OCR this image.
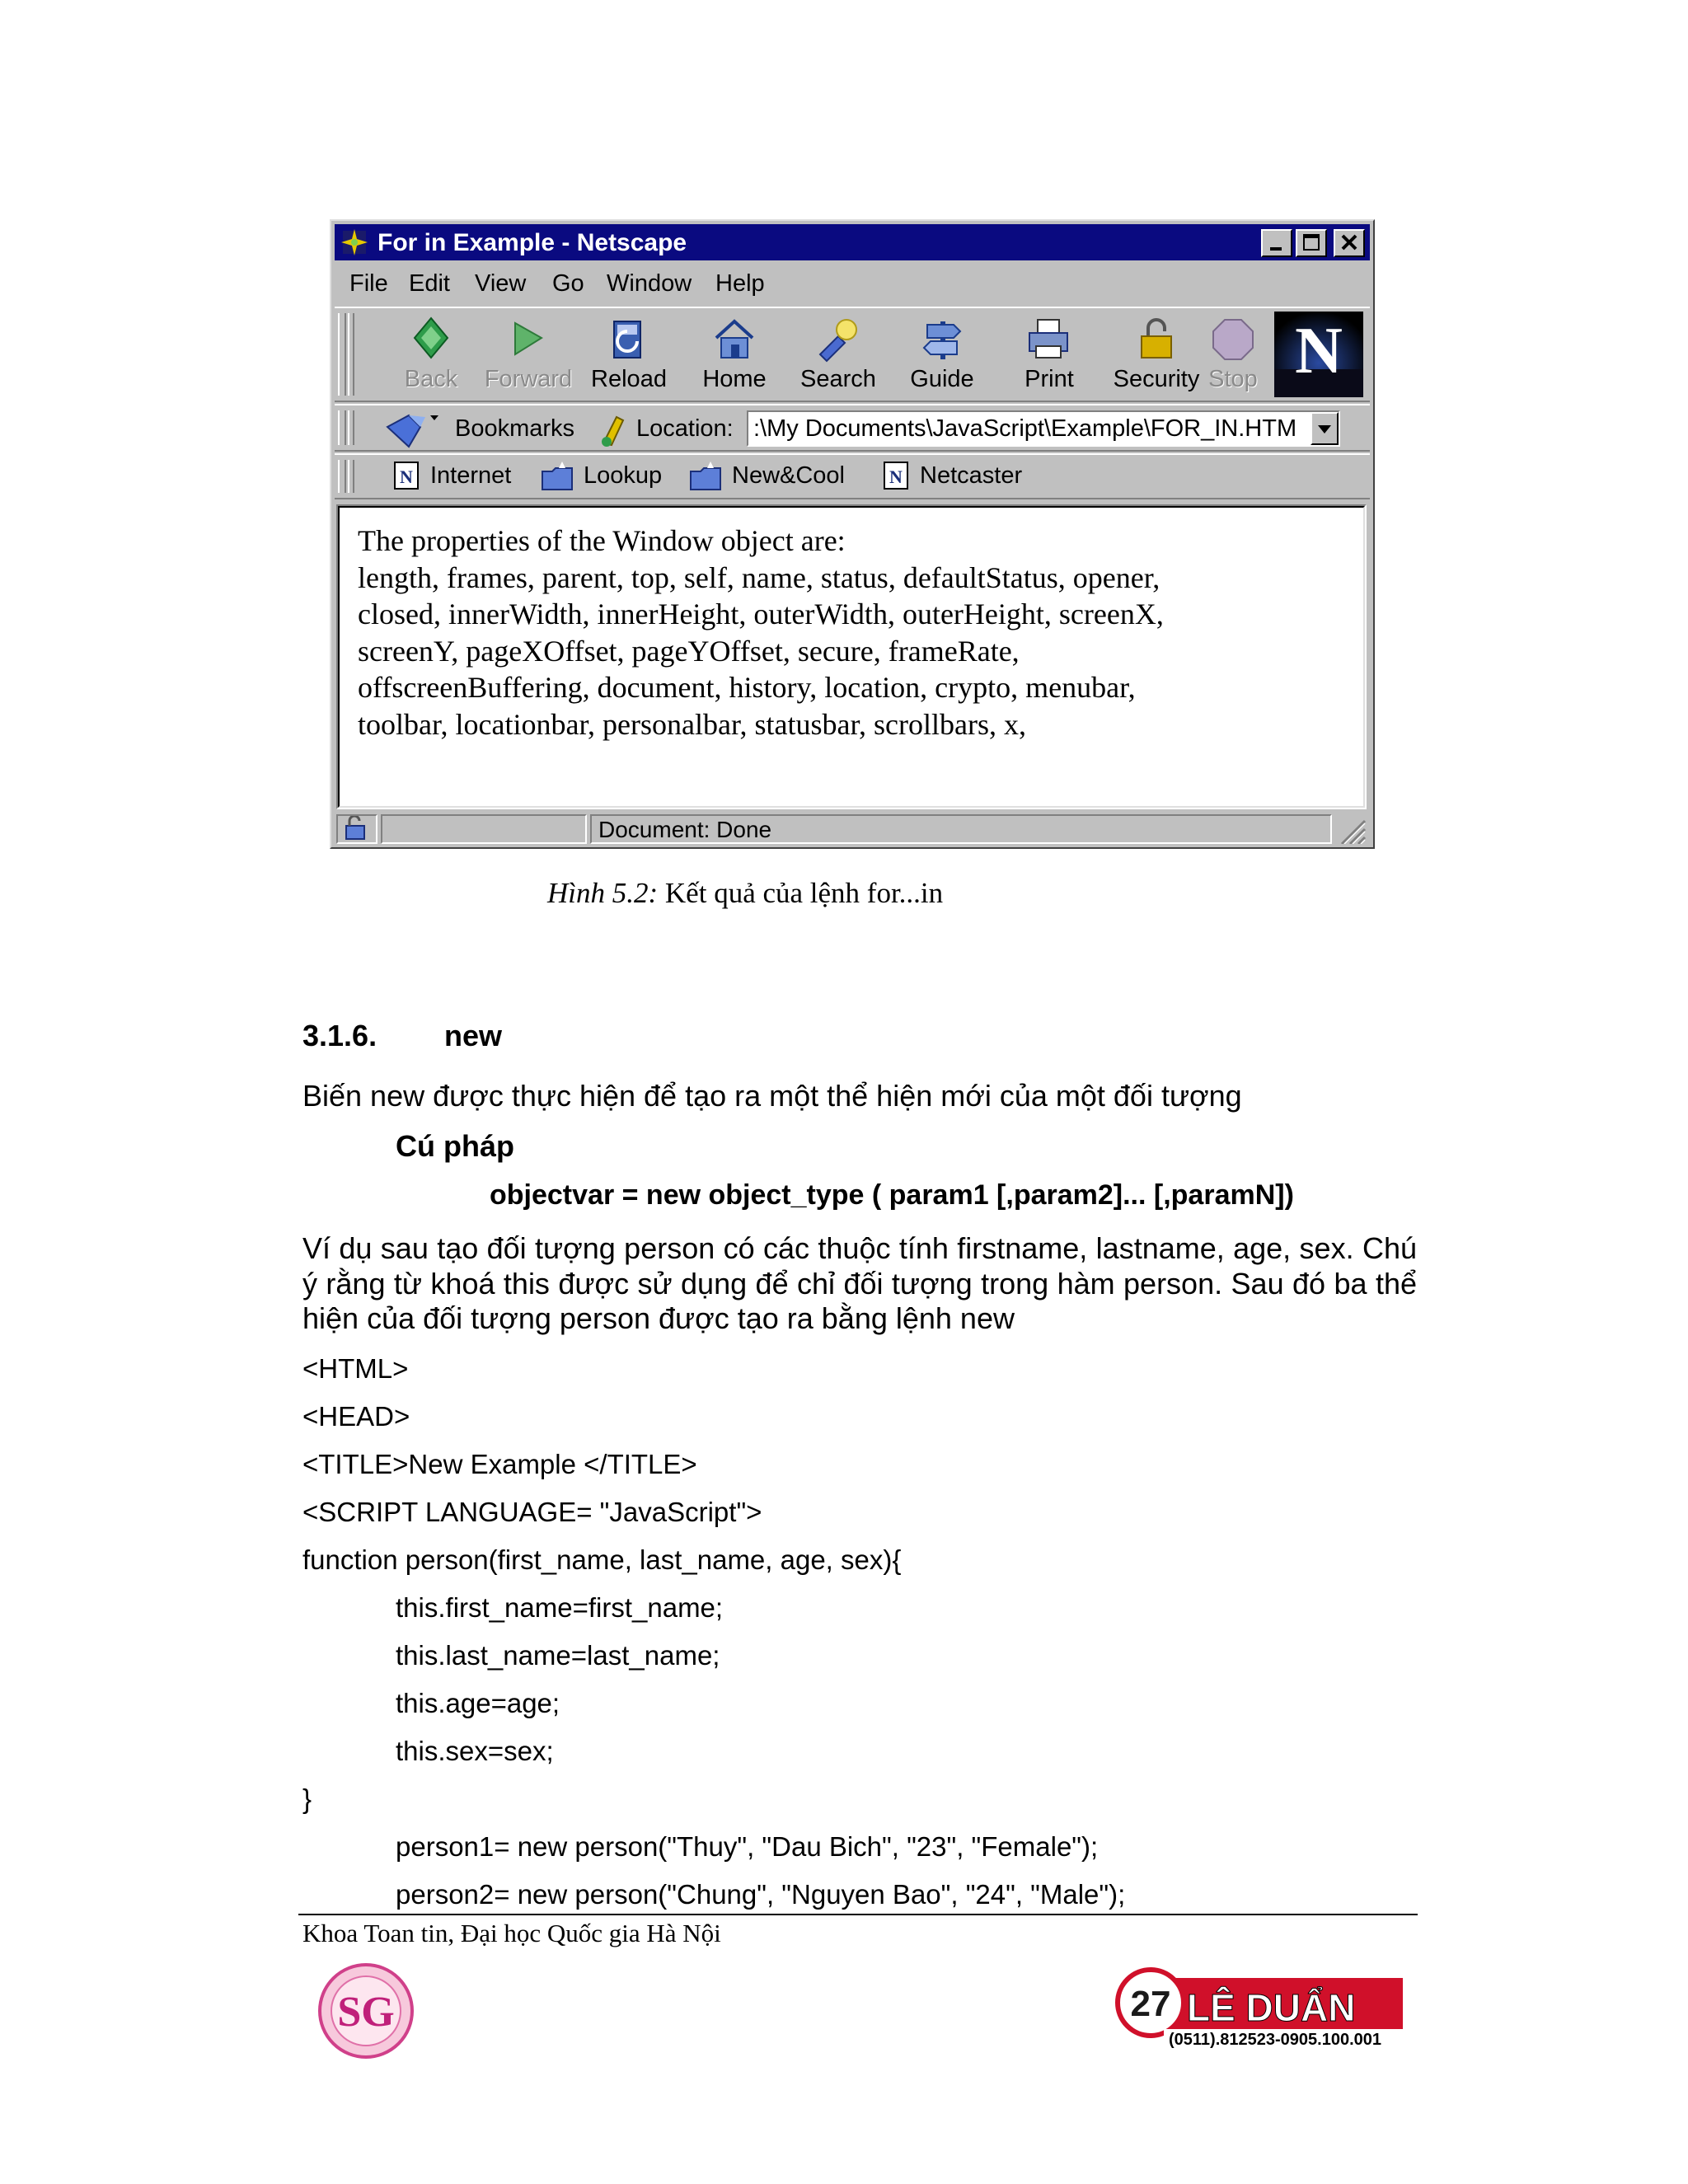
For in Example - Netscape
File Edit View Go Window Help
Back	Forward Reload	Home	Search	Guide	Print	Security Stop N
Bookmarks	Location: :\My Documents\JavaScript\Example\FOR_IN.HTM
N Internet	Lookup	New&Cool N Netcaster
The properties of the Window object are:
length, frames, parent, top, self, name, status, defaultStatus, opener,
closed, innerWidth, innerHeight, outerWidth, outerHeight, screenX,
screenY, pageXOffset, pageYOffset, secure, frameRate,
offscreenBuffering, document, history, location, crypto, menubar,
toolbar, locationbar, personalbar, statusbar, scrollbars, x,
Document: Done
Hình 5.2: Kết quả của lệnh for...in
3.1.6. new
Biến new được thực hiện để tạo ra một thể hiện mới của một đối tượng
Cú pháp
objectvar = new object_type ( param1 [,param2]... [,paramN])
Ví dụ sau tạo đối tượng person có các thuộc tính firstname, lastname, age, sex. Chú ý rằng từ khoá this được sử dụng để chỉ đối tượng trong hàm person. Sau đó ba thể hiện của đối tượng person được tạo ra bằng lệnh new
<HTML>
<HEAD>
<TITLE>New Example </TITLE>
<SCRIPT LANGUAGE= "JavaScript">
function person(first_name, last_name, age, sex){
this.first_name=first_name;
this.last_name=last_name;
this.age=age;
this.sex=sex;
}
person1= new person("Thuy", "Dau Bich", "23", "Female");
person2= new person("Chung", "Nguyen Bao", "24", "Male");
Khoa Toan tin, Đại học Quốc gia Hà Nội
SG	27 LÊ DUẨN
(0511).812523-0905.100.001
